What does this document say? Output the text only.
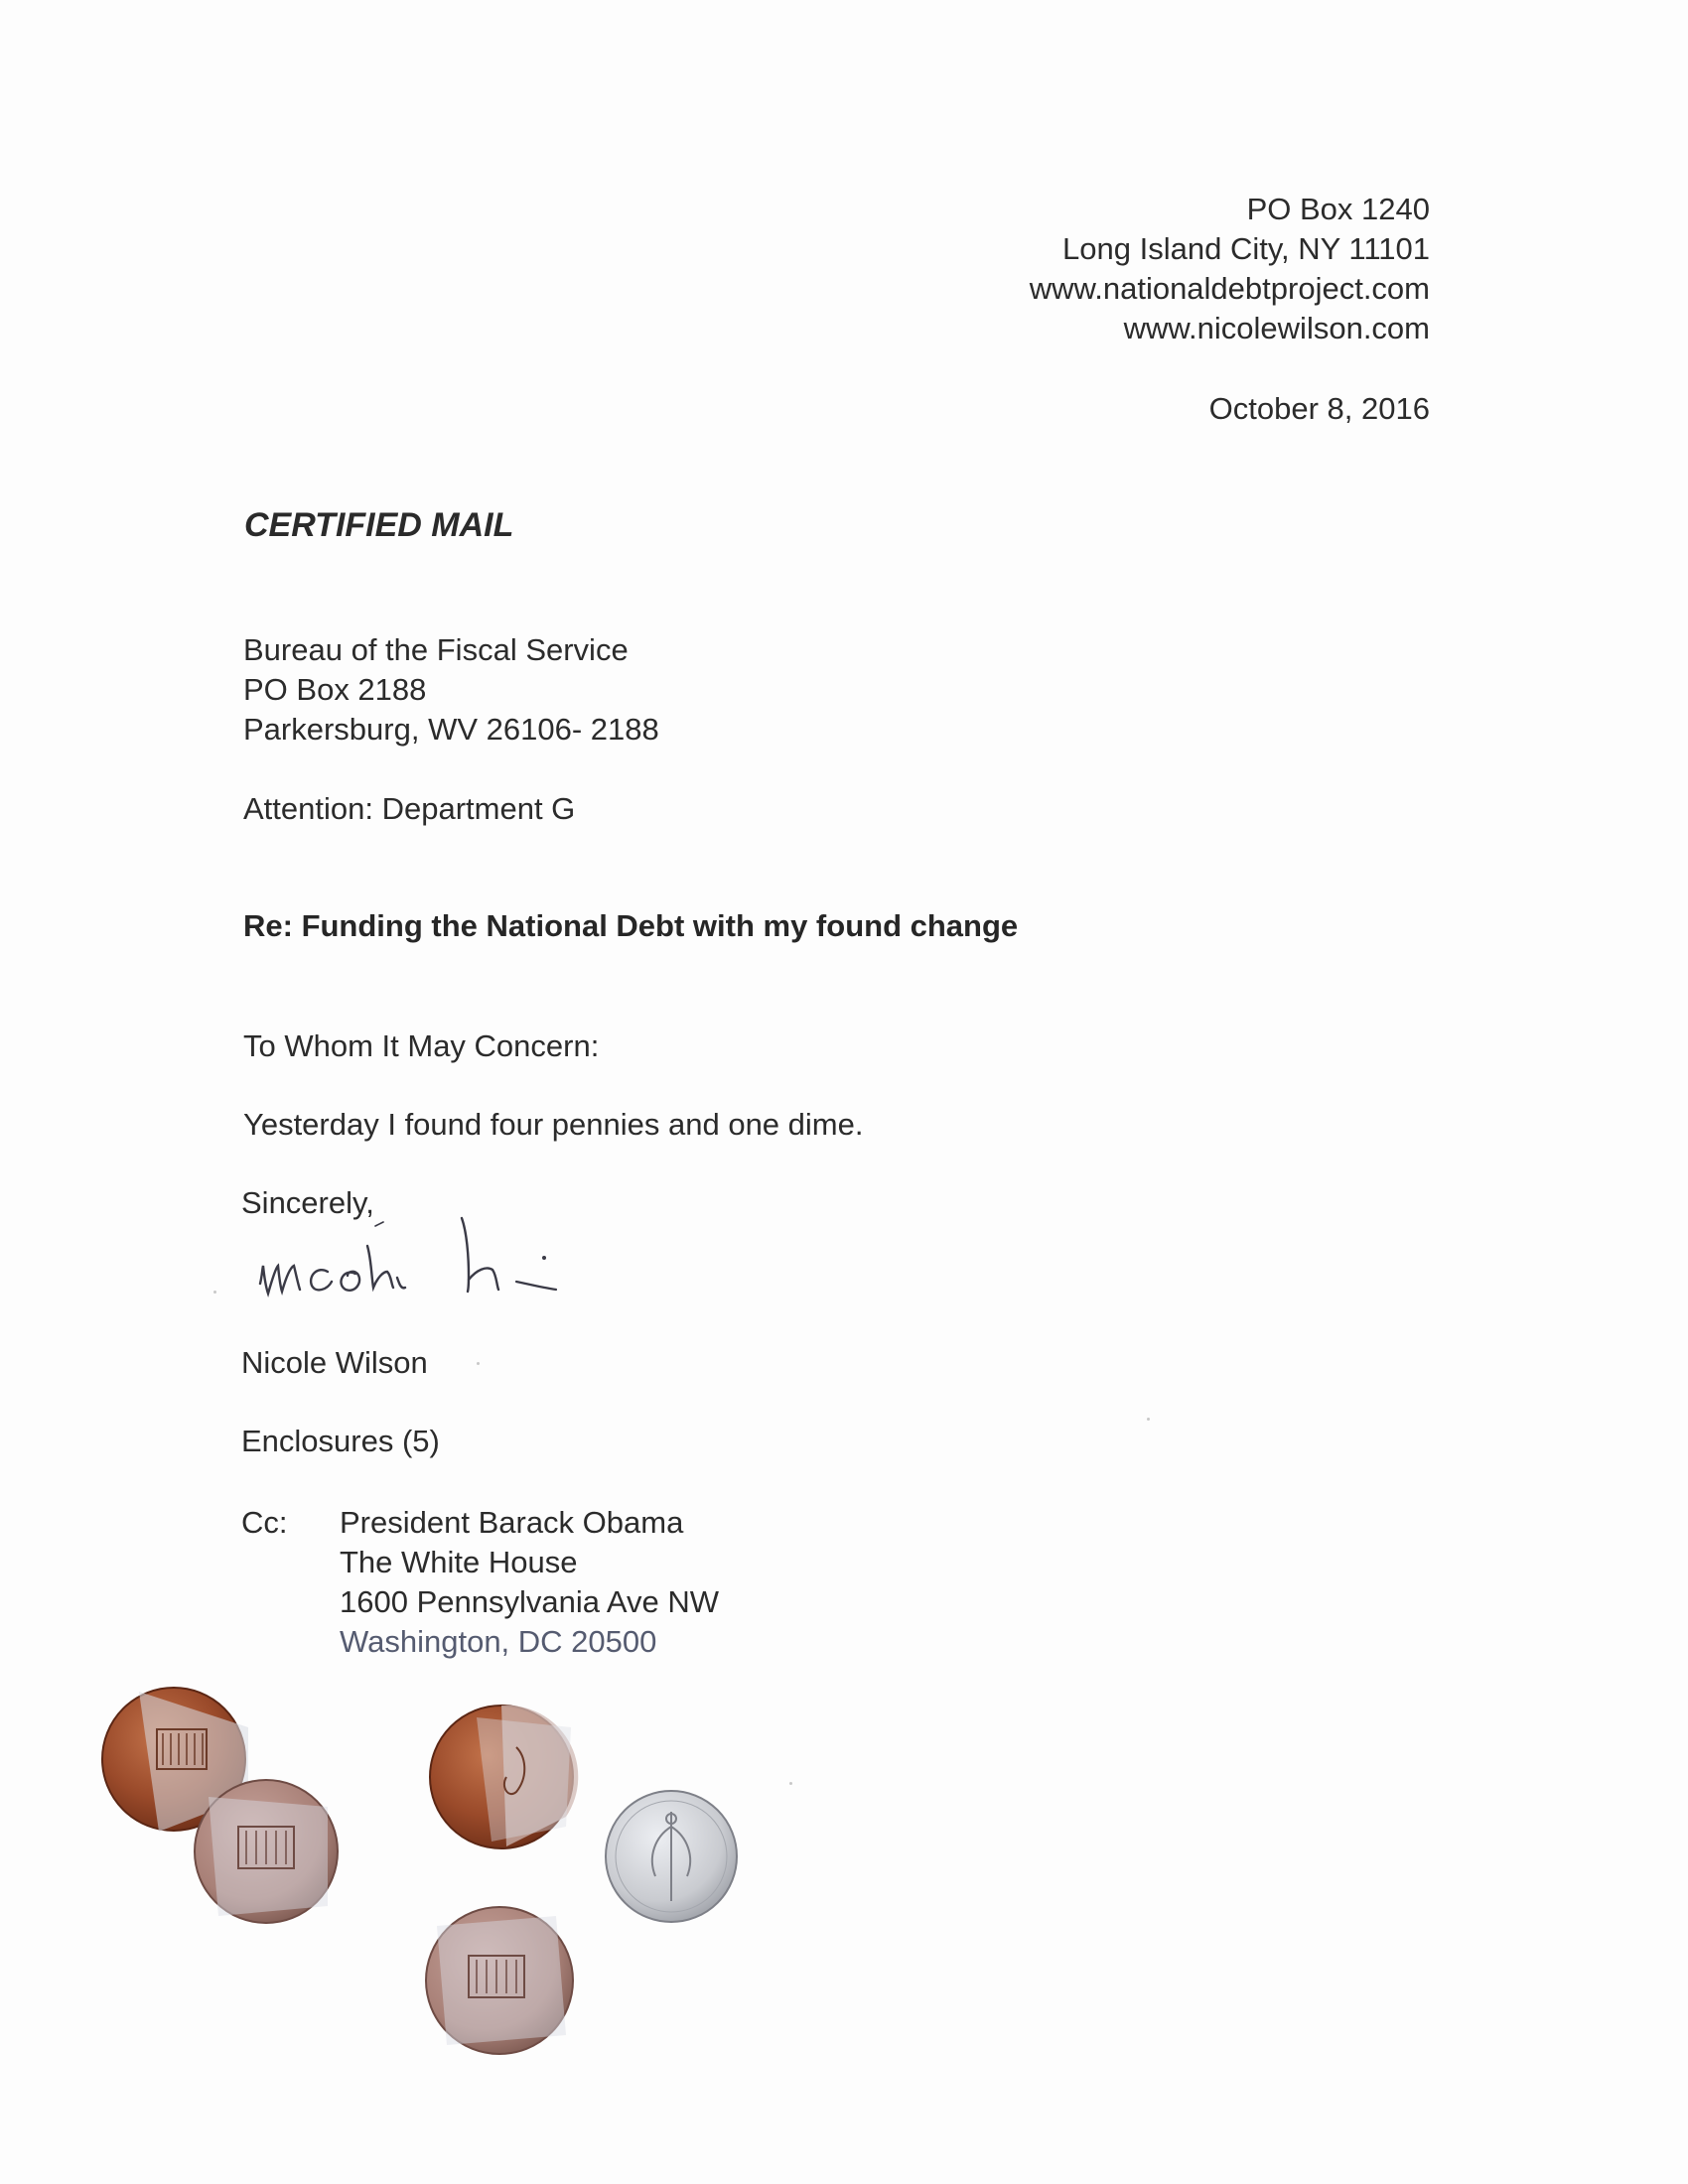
PO Box 1240
Long Island City, NY 11101
www.nationaldebtproject.com
www.nicolewilson.com
October 8, 2016
CERTIFIED MAIL
Bureau of the Fiscal Service
PO Box 2188
Parkersburg, WV 26106- 2188
Attention: Department G
Re: Funding the National Debt with my found change
To Whom It May Concern:
Yesterday I found four pennies and one dime.
Sincerely,
Nicole Wilson
Enclosures (5)
Cc: President Barack Obama
The White House
1600 Pennsylvania Ave NW
Washington, DC 20500
